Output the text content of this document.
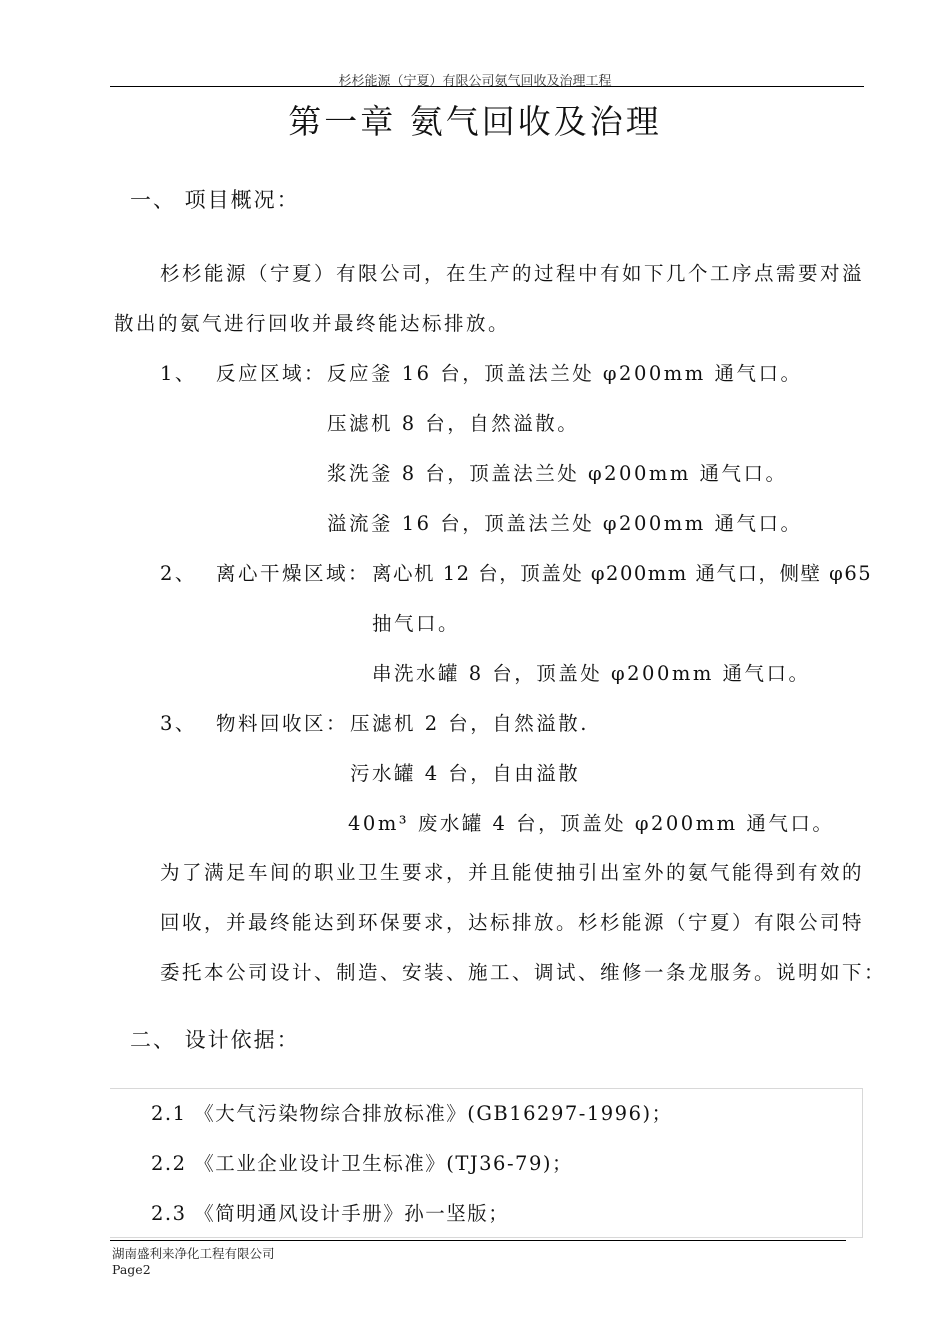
杉杉能源（宁夏）有限公司氨气回收及治理工程
第一章 氨气回收及治理
一、 项目概况：
杉杉能源（宁夏）有限公司，在生产的过程中有如下几个工序点需要对溢
散出的氨气进行回收并最终能达标排放。
1、 反应区域： 反应釜 16 台，顶盖法兰处 φ200mm 通气口。
压滤机 8 台，自然溢散。
浆洗釜 8 台，顶盖法兰处 φ200mm 通气口。
溢流釜 16 台，顶盖法兰处 φ200mm 通气口。
2、 离心干燥区域： 离心机 12 台，顶盖处 φ200mm 通气口，侧壁 φ65
抽气口。
串洗水罐 8 台，顶盖处 φ200mm 通气口。
3、 物料回收区： 压滤机 2 台，自然溢散.
污水罐 4 台，自由溢散
40m³ 废水罐 4 台，顶盖处 φ200mm 通气口。
为了满足车间的职业卫生要求，并且能使抽引出室外的氨气能得到有效的
回收，并最终能达到环保要求，达标排放。杉杉能源（宁夏）有限公司特
委托本公司设计、制造、安装、施工、调试、维修一条龙服务。说明如下：
二、 设计依据：
2.1 《大气污染物综合排放标准》(GB16297-1996)；
2.2 《工业企业设计卫生标准》(TJ36-79)；
2.3 《简明通风设计手册》孙一坚版；
湖南盛利来净化工程有限公司
Page2
